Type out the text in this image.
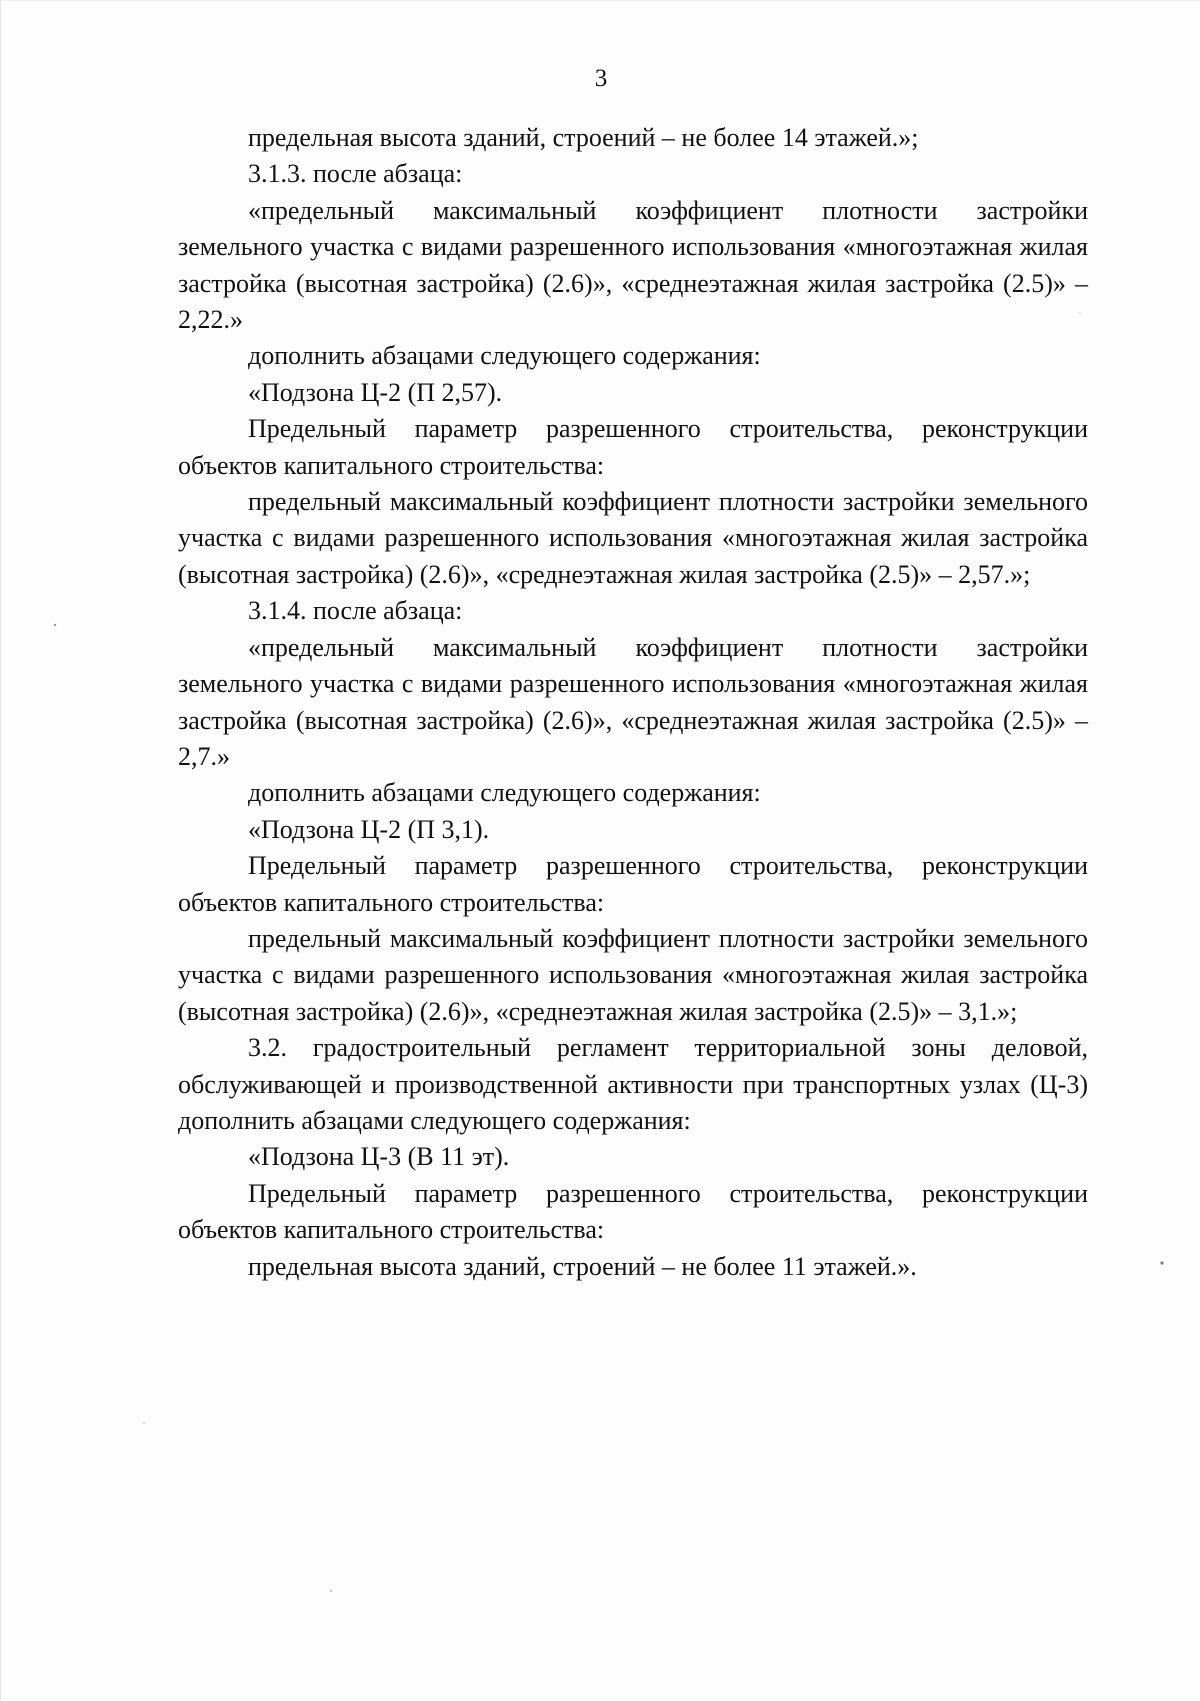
3

предельная высота зданий, строений – не более 14 этажей.»;

3.1.3. после абзаца:

«предельный максимальный коэффициент плотности застройки земельного участка с видами разрешенного использования «многоэтажная жилая застройка (высотная застройка) (2.6)», «среднеэтажная жилая застройка (2.5)» – 2,22.»

дополнить абзацами следующего содержания:

«Подзона Ц-2 (П 2,57).

Предельный параметр разрешенного строительства, реконструкции объектов капитального строительства:

предельный максимальный коэффициент плотности застройки земельного участка с видами разрешенного использования «многоэтажная жилая застройка (высотная застройка) (2.6)», «среднеэтажная жилая застройка (2.5)» – 2,57.»;

3.1.4. после абзаца:

«предельный максимальный коэффициент плотности застройки земельного участка с видами разрешенного использования «многоэтажная жилая застройка (высотная застройка) (2.6)», «среднеэтажная жилая застройка (2.5)» – 2,7.»

дополнить абзацами следующего содержания:

«Подзона Ц-2 (П 3,1).

Предельный параметр разрешенного строительства, реконструкции объектов капитального строительства:

предельный максимальный коэффициент плотности застройки земельного участка с видами разрешенного использования «многоэтажная жилая застройка (высотная застройка) (2.6)», «среднеэтажная жилая застройка (2.5)» – 3,1.»;

3.2. градостроительный регламент территориальной зоны деловой, обслуживающей и производственной активности при транспортных узлах (Ц-3) дополнить абзацами следующего содержания:

«Подзона Ц-3 (В 11 эт).

Предельный параметр разрешенного строительства, реконструкции объектов капитального строительства:

предельная высота зданий, строений – не более 11 этажей.».
